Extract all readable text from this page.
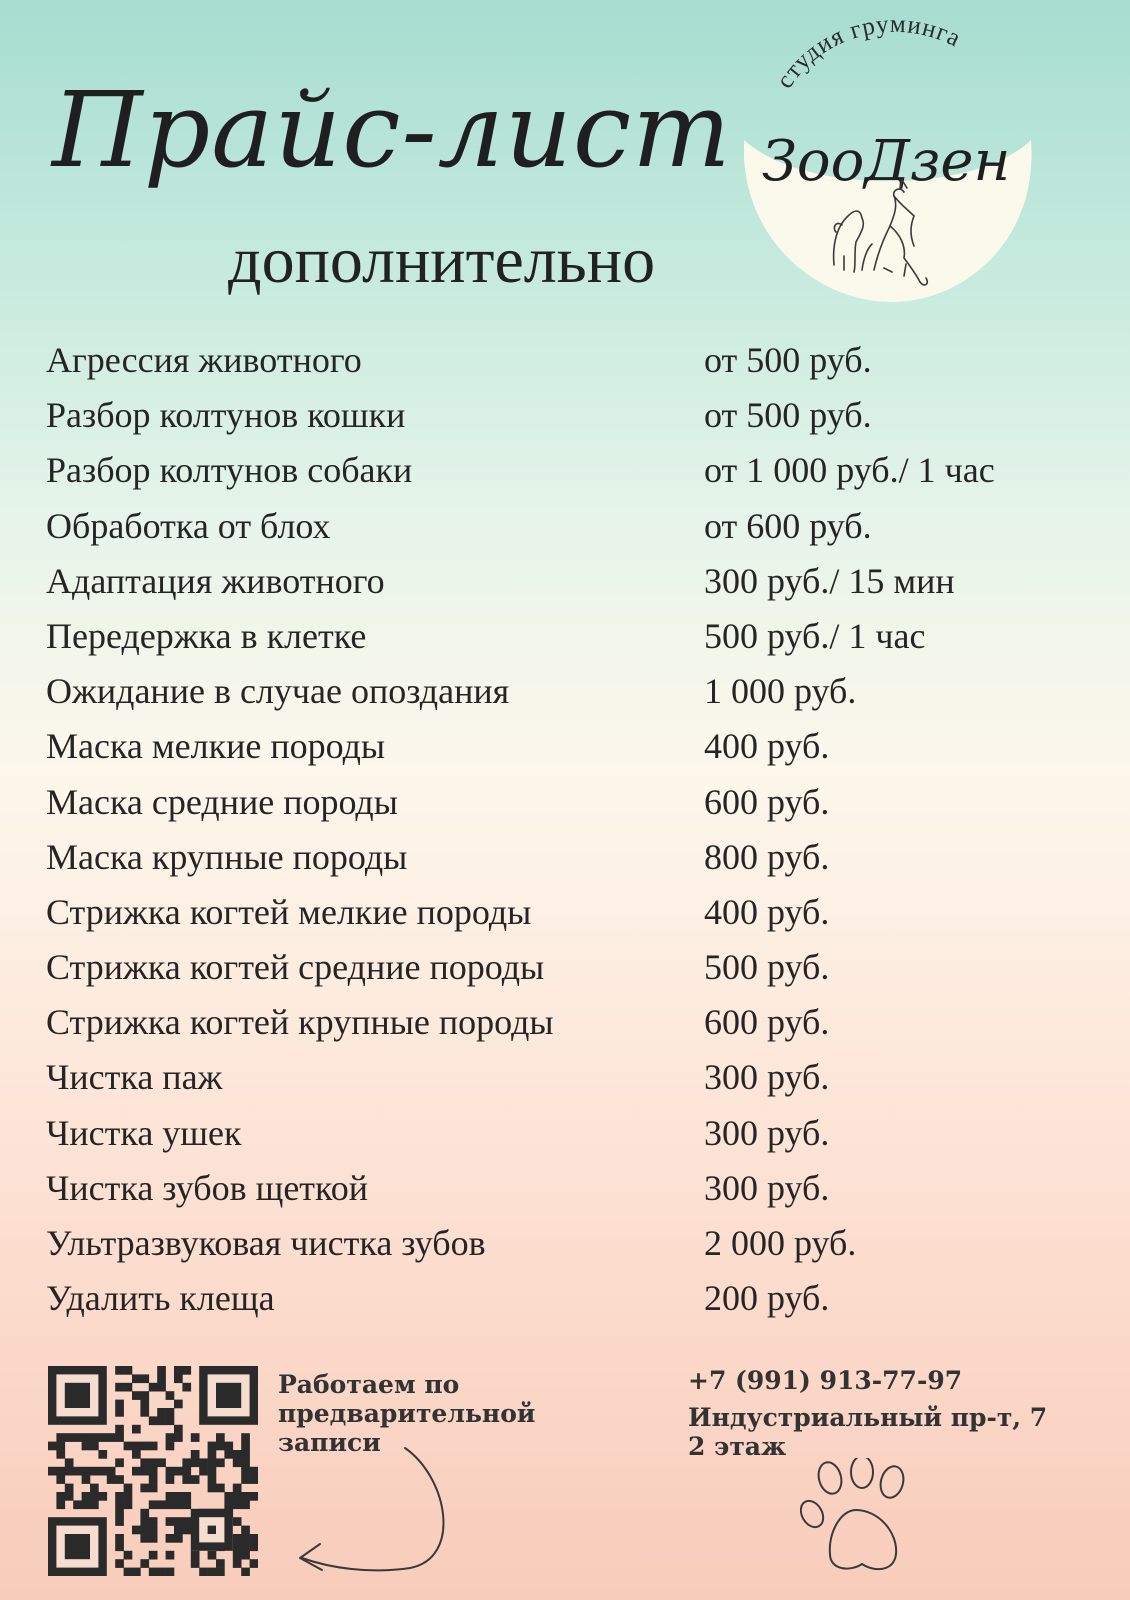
Прайс-лист
дополнительно
студия груминга
ЗооДзен
Агрессия животного	от 500 руб.
Разбор колтунов кошки	от 500 руб.
Разбор колтунов собаки	от 1 000 руб./ 1 час
Обработка от блох	от 600 руб.
Адаптация животного	300 руб./ 15 мин
Передержка в клетке	500 руб./ 1 час
Ожидание в случае опоздания	1 000 руб.
Маска мелкие породы	400 руб.
Маска средние породы	600 руб.
Маска крупные породы	800 руб.
Стрижка когтей мелкие породы	400 руб.
Стрижка когтей средние породы	500 руб.
Стрижка когтей крупные породы	600 руб.
Чистка паж	300 руб.
Чистка ушек	300 руб.
Чистка зубов щеткой	300 руб.
Ультразвуковая чистка зубов	2 000 руб.
Удалить клеща	200 руб.
Работаем по предварительной записи
+7 (991) 913-77-97
Индустриальный пр-т, 7
2 этаж
